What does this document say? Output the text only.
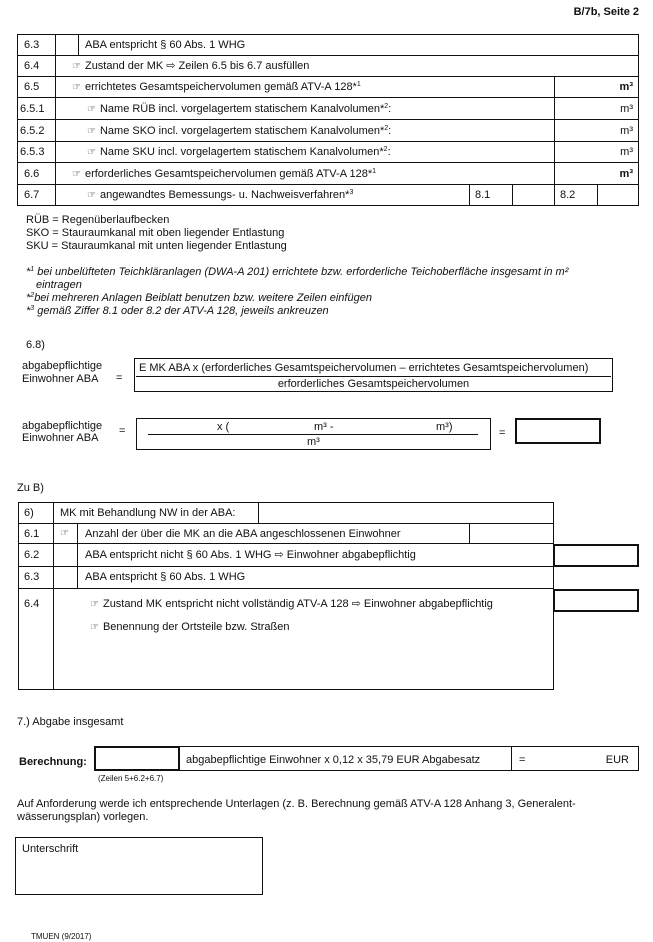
B/7b, Seite 2
6.3	ABA entspricht § 60 Abs. 1 WHG
6.4	☞ Zustand der MK ⇨ Zeilen 6.5 bis 6.7 ausfüllen
6.5	☞ errichtetes Gesamtspeichervolumen gemäß ATV-A 128*$^1$	m³
6.5.1	☞ Name RÜB incl. vorgelagertem statischem Kanalvolumen*$^2$:	m³
6.5.2	☞ Name SKO incl. vorgelagertem statischem Kanalvolumen*$^2$:	m³
6.5.3	☞ Name SKU incl. vorgelagertem statischem Kanalvolumen*$^2$:	m³
6.6	☞ erforderliches Gesamtspeichervolumen gemäß ATV-A 128*$^1$	m³
6.7	☞ angewandtes Bemessungs- u. Nachweisverfahren*$^3$	8.1	8.2
RÜB = Regenüberlaufbecken
SKO = Stauraumkanal mit oben liegender Entlastung
SKU = Stauraumkanal mit unten liegender Entlastung
*$^1$ bei unbelüfteten Teichkläranlagen (DWA-A 201) errichtete bzw. erforderliche Teichoberfläche insgesamt in m²
eintragen
*$^2$bei mehreren Anlagen Beiblatt benutzen bzw. weitere Zeilen einfügen
*$^3$ gemäß Ziffer 8.1 oder 8.2 der ATV-A 128, jeweils ankreuzen
6.8)
abgabepflichtige
Einwohner ABA =
E MK ABA x (erforderliches Gesamtspeichervolumen – errichtetes Gesamtspeichervolumen)
erforderliches Gesamtspeichervolumen
abgabepflichtige
Einwohner ABA
=	x (	m³ -	m³)
m³
=
Zu B)
6) MK mit Behandlung NW in der ABA:
6.1 ☞ Anzahl der über die MK an die ABA angeschlossenen Einwohner
6.2	ABA entspricht nicht § 60 Abs. 1 WHG ⇨ Einwohner abgabepflichtig
6.3	ABA entspricht § 60 Abs. 1 WHG
6.4	☞ Zustand MK entspricht nicht vollständig ATV-A 128 ⇨ Einwohner abgabepflichtig
☞ Benennung der Ortsteile bzw. Straßen
7.) Abgabe insgesamt
Berechnung:	abgabepflichtige Einwohner x 0,12 x 35,79 EUR Abgabesatz	=	EUR
(Zeilen 5+6.2+6.7)
Auf Anforderung werde ich entsprechende Unterlagen (z. B. Berechnung gemäß ATV-A 128 Anhang 3, Generalent-
wässerungsplan) vorlegen.
Unterschrift
TMUEN (9/2017)
